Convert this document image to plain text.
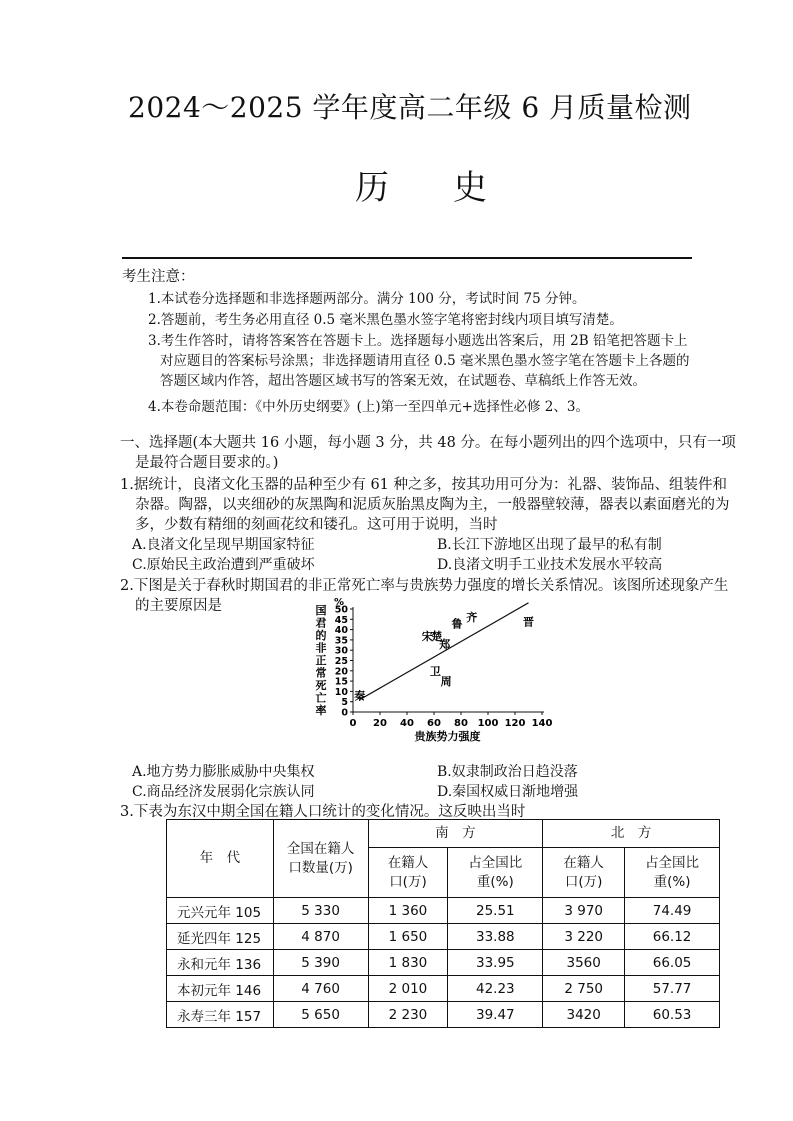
2024～2025 学年度高二年级 6 月质量检测
历 史
考生注意：
1.本试卷分选择题和非选择题两部分。满分 100 分，考试时间 75 分钟。
2.答题前，考生务必用直径 0.5 毫米黑色墨水签字笔将密封线内项目填写清楚。
3.考生作答时，请将答案答在答题卡上。选择题每小题选出答案后，用 2B 铅笔把答题卡上
对应题目的答案标号涂黑；非选择题请用直径 0.5 毫米黑色墨水签字笔在答题卡上各题的
答题区域内作答，超出答题区域书写的答案无效，在试题卷、草稿纸上作答无效。
4.本卷命题范围：《中外历史纲要》(上)第一至四单元+选择性必修 2、3。
一、选择题(本大题共 16 小题，每小题 3 分，共 48 分。在每小题列出的四个选项中，只有一项
是最符合题目要求的。)
1.据统计，良渚文化玉器的品种至少有 61 种之多，按其功用可分为：礼器、装饰品、组装件和
杂器。陶器，以夹细砂的灰黑陶和泥质灰胎黑皮陶为主，一般器壁较薄，器表以素面磨光的为
多，少数有精细的刻画花纹和镂孔。这可用于说明，当时
A.良渚文化呈现早期国家特征	B.长江下游地区出现了最早的私有制
C.原始民主政治遭到严重破坏	D.良渚文明手工业技术发展水平较高
2.下图是关于春秋时期国君的非正常死亡率与贵族势力强度的增长关系情况。该图所述现象产生
的主要原因是
0 20 40 60 80 100 120 140
0
5
10
15
20
25
30
35
40
45
50
%
国
君
的
非
正
常
死
亡
率
贵族势力强度
秦
宋
楚
郑
鲁 齐	晋
卫
周
A.地方势力膨胀威胁中央集权	B.奴隶制政治日趋没落
C.商品经济发展弱化宗族认同	D.秦国权威日渐地增强
3.下表为东汉中期全国在籍人口统计的变化情况。这反映出当时
年　代	全国在籍人口数量(万)	南　方		北　方	
		在籍人口(万)	占全国比重(%)	在籍人口(万)	占全国比重(%)
元兴元年 105	5 330	1 360	25.51	3 970	74.49
延光四年 125	4 870	1 650	33.88	3 220	66.12
永和元年 136	5 390	1 830	33.95	3560	66.05
本初元年 146	4 760	2 010	42.23	2 750	57.77
永寿三年 157	5 650	2 230	39.47	3420	60.53
